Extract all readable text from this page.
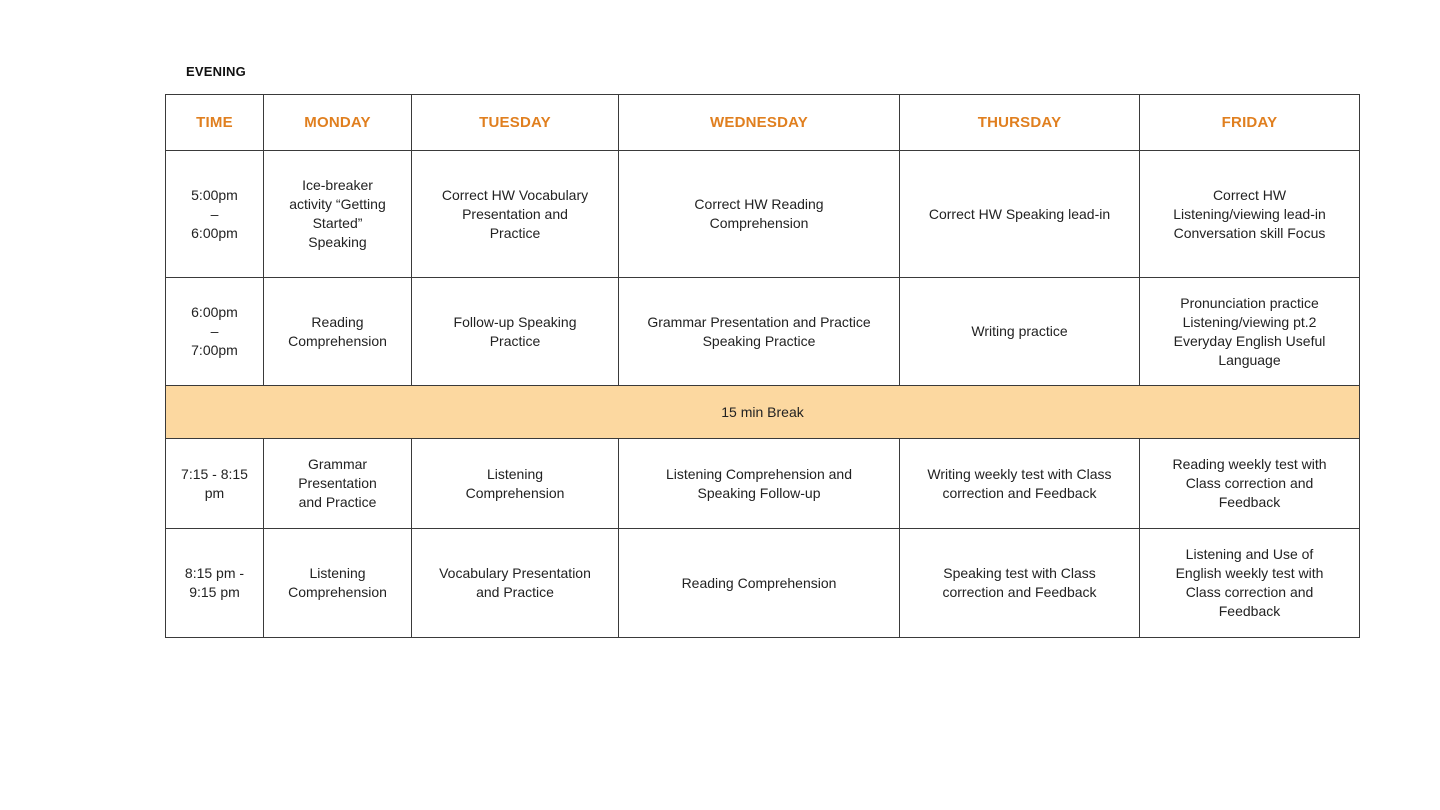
EVENING
TIME	MONDAY	TUESDAY	WEDNESDAY	THURSDAY	FRIDAY

5:00pm
–
6:00pm	Ice-breaker
activity “Getting
Started”
Speaking	Correct HW Vocabulary
Presentation and
Practice	Correct HW Reading
Comprehension	Correct HW Speaking lead-in	Correct HW
Listening/viewing lead-in
Conversation skill Focus

6:00pm
–
7:00pm	Reading
Comprehension	Follow-up Speaking
Practice	Grammar Presentation and Practice
Speaking Practice	Writing practice	Pronunciation practice
Listening/viewing pt.2
Everyday English Useful
Language

15 min Break					

7:15 - 8:15
pm	Grammar
Presentation
and Practice	Listening
Comprehension	Listening Comprehension and
Speaking Follow-up	Writing weekly test with Class
correction and Feedback	Reading weekly test with
Class correction and
Feedback

8:15 pm -
9:15 pm	Listening
Comprehension	Vocabulary Presentation
and Practice	Reading Comprehension	Speaking test with Class
correction and Feedback	Listening and Use of
English weekly test with
Class correction and
Feedback
